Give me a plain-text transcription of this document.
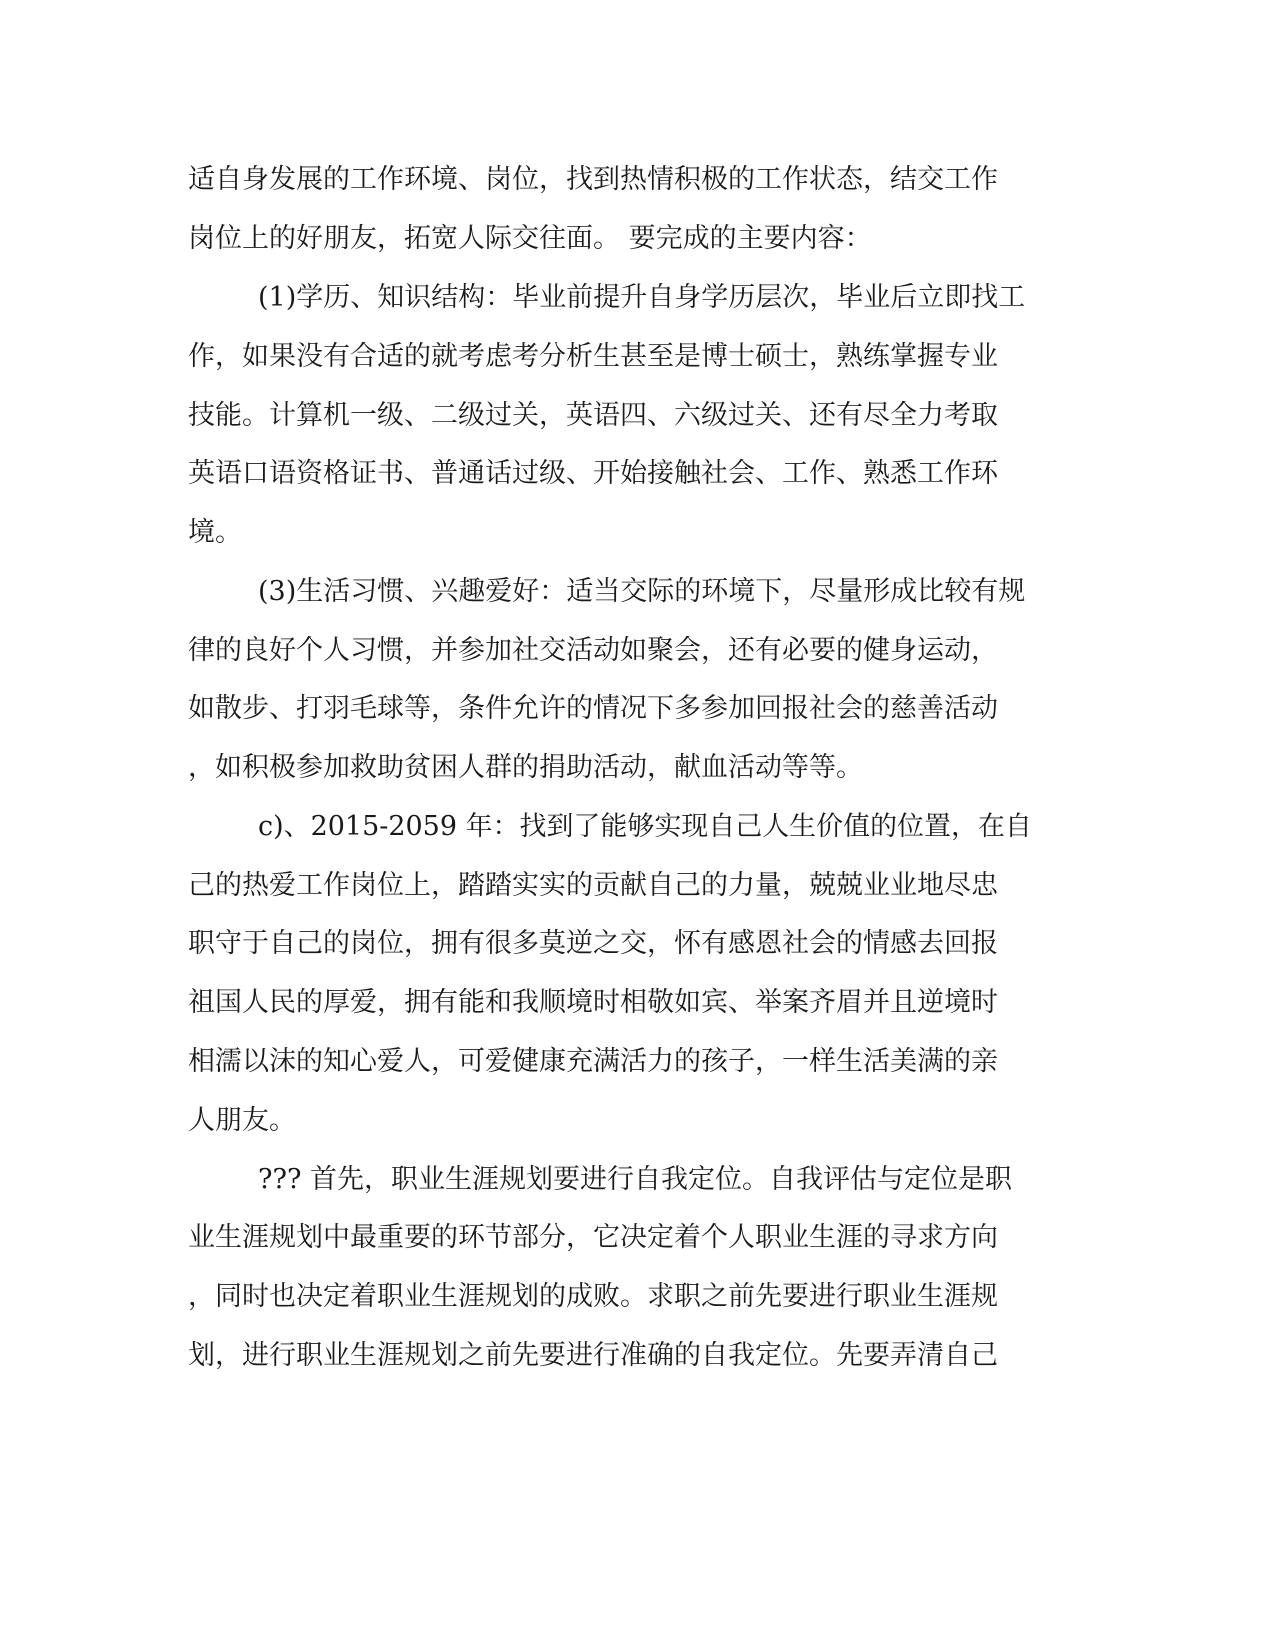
适自身发展的工作环境、岗位，找到热情积极的工作状态，结交工作
岗位上的好朋友，拓宽人际交往面。 要完成的主要内容：
(1)学历、知识结构：毕业前提升自身学历层次，毕业后立即找工
作，如果没有合适的就考虑考分析生甚至是博士硕士，熟练掌握专业
技能。计算机一级、二级过关，英语四、六级过关、还有尽全力考取
英语口语资格证书、普通话过级、开始接触社会、工作、熟悉工作环
境。
(3)生活习惯、兴趣爱好：适当交际的环境下，尽量形成比较有规
律的良好个人习惯，并参加社交活动如聚会，还有必要的健身运动，
如散步、打羽毛球等，条件允许的情况下多参加回报社会的慈善活动
，如积极参加救助贫困人群的捐助活动，献血活动等等。
c)、2015-2059 年：找到了能够实现自己人生价值的位置，在自
己的热爱工作岗位上，踏踏实实的贡献自己的力量，兢兢业业地尽忠
职守于自己的岗位，拥有很多莫逆之交，怀有感恩社会的情感去回报
祖国人民的厚爱，拥有能和我顺境时相敬如宾、举案齐眉并且逆境时
相濡以沫的知心爱人，可爱健康充满活力的孩子，一样生活美满的亲
人朋友。
??? 首先，职业生涯规划要进行自我定位。自我评估与定位是职
业生涯规划中最重要的环节部分，它决定着个人职业生涯的寻求方向
，同时也决定着职业生涯规划的成败。求职之前先要进行职业生涯规
划，进行职业生涯规划之前先要进行准确的自我定位。先要弄清自己
